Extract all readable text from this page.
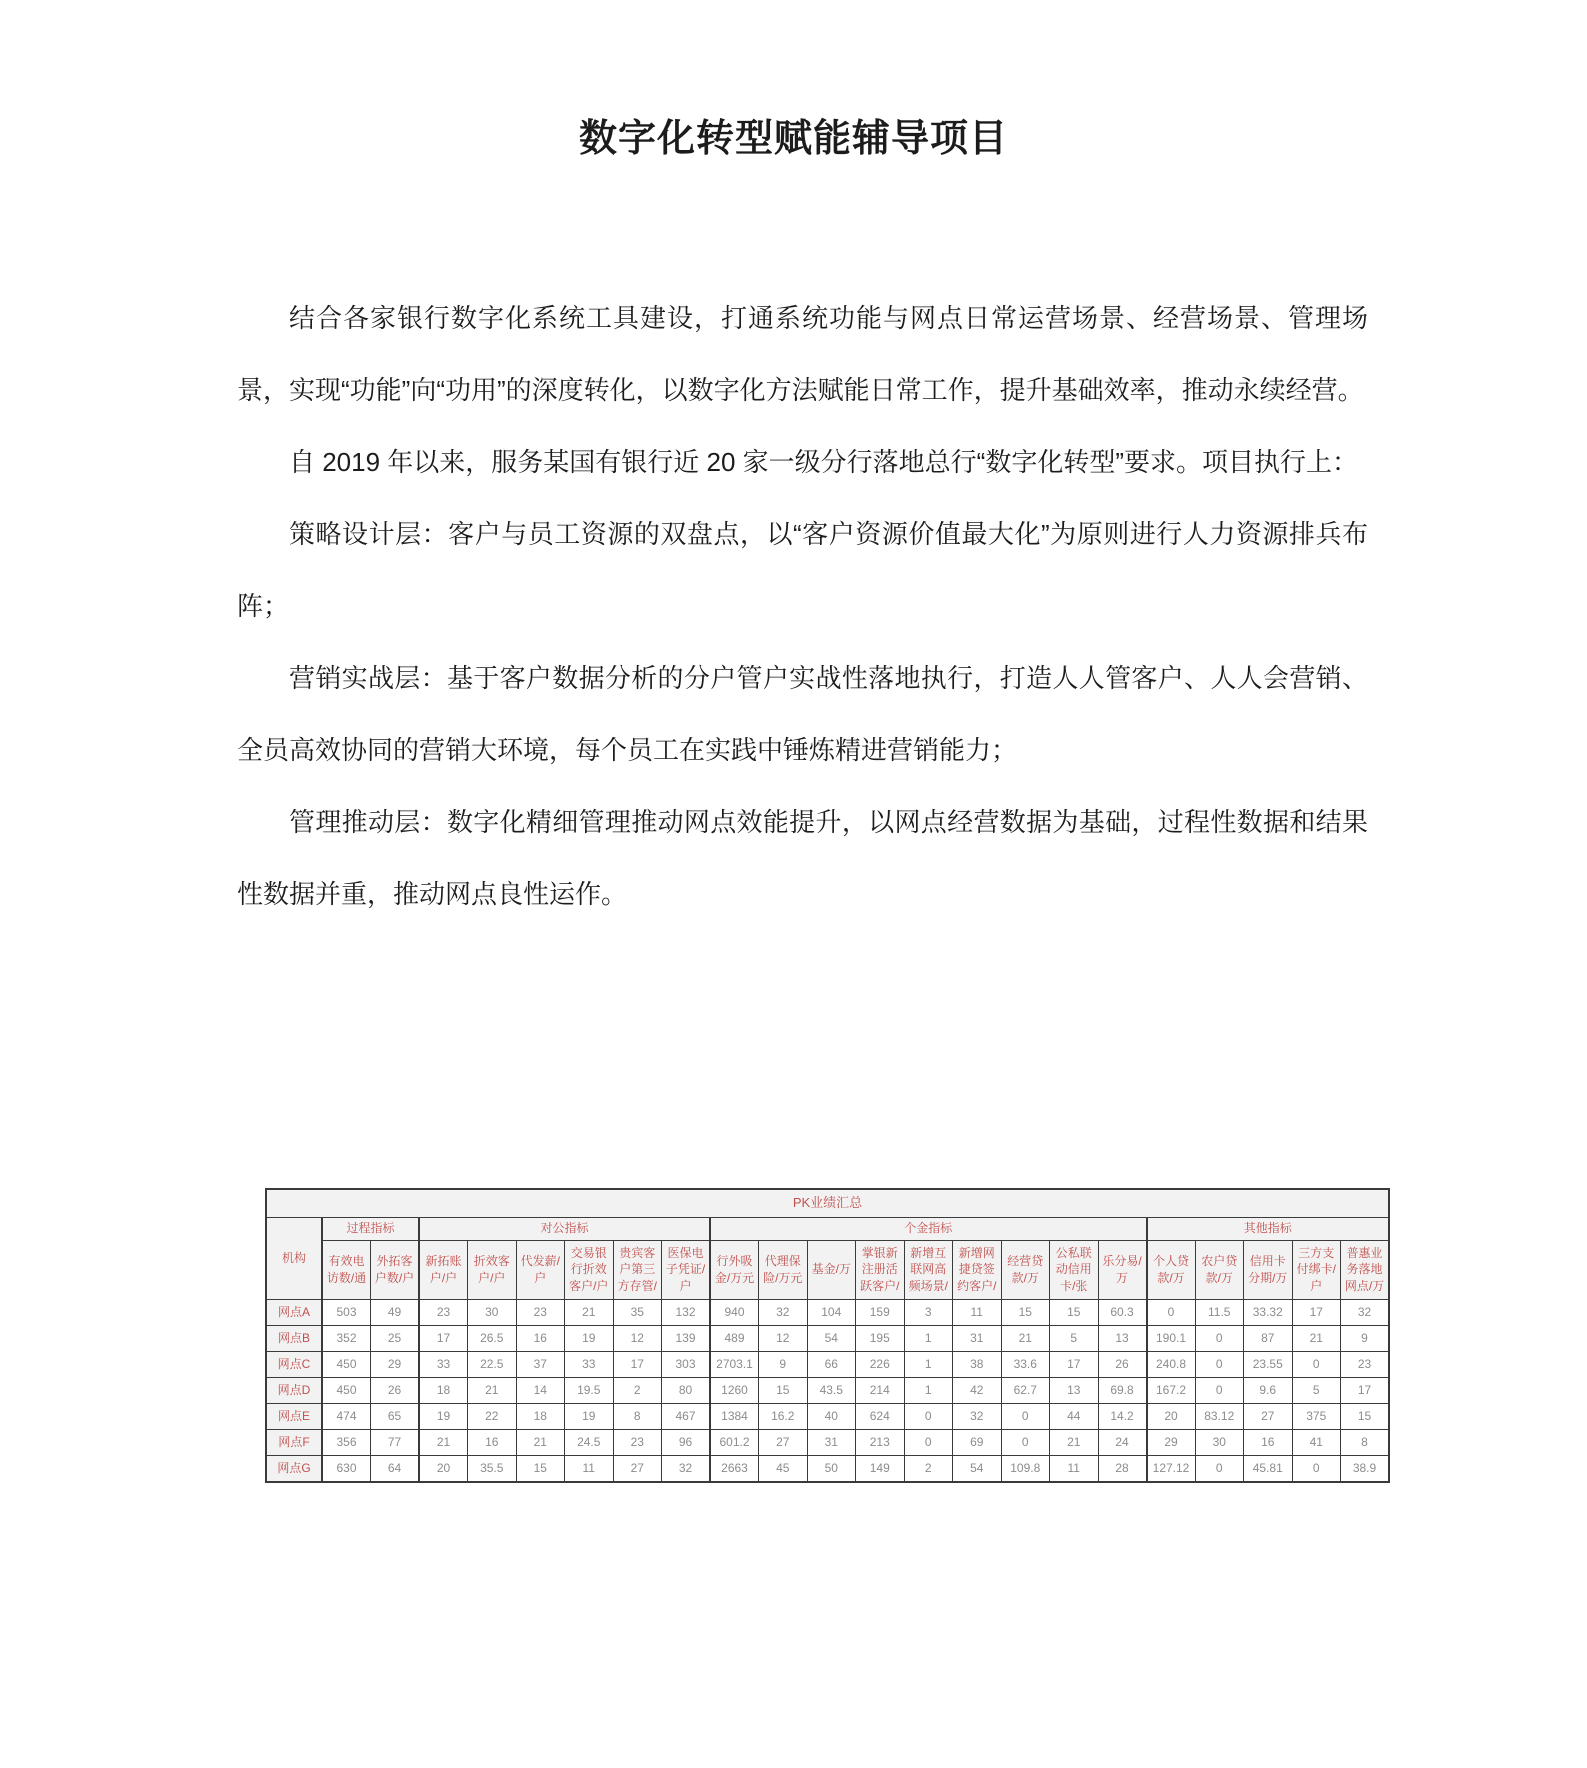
数字化转型赋能辅导项目

结合各家银行数字化系统工具建设，打通系统功能与网点日常运营场景、经营场景、管理场景，实现“功能”向“功用”的深度转化，以数字化方法赋能日常工作，提升基础效率，推动永续经营。

自 2019 年以来，服务某国有银行近 20 家一级分行落地总行“数字化转型”要求。项目执行上：

策略设计层：客户与员工资源的双盘点，以“客户资源价值最大化”为原则进行人力资源排兵布阵；

营销实战层：基于客户数据分析的分户管户实战性落地执行，打造人人管客户、人人会营销、全员高效协同的营销大环境，每个员工在实践中锤炼精进营销能力；

管理推动层：数字化精细管理推动网点效能提升，以网点经营数据为基础，过程性数据和结果性数据并重，推动网点良性运作。

PK业绩汇总																						
机构	过程指标		对公指标						个金指标									其他指标				
	有效电访数/通	外拓客户数/户	新拓账户/户	折效客户/户	代发薪/户	交易银行折效客户/户	贵宾客户第三方存管/	医保电子凭证/户	行外吸金/万元	代理保险/万元	基金/万	掌银新注册活跃客户/	新增互联网高频场景/	新增网捷贷签约客户/	经营贷款/万	公私联动信用卡/张	乐分易/万	个人贷款/万	农户贷款/万	信用卡分期/万	三方支付绑卡/户	普惠业务落地网点/万
网点A	503	49	23	30	23	21	35	132	940	32	104	159	3	11	15	15	60.3	0	11.5	33.32	17	32
网点B	352	25	17	26.5	16	19	12	139	489	12	54	195	1	31	21	5	13	190.1	0	87	21	9
网点C	450	29	33	22.5	37	33	17	303	2703.1	9	66	226	1	38	33.6	17	26	240.8	0	23.55	0	23
网点D	450	26	18	21	14	19.5	2	80	1260	15	43.5	214	1	42	62.7	13	69.8	167.2	0	9.6	5	17
网点E	474	65	19	22	18	19	8	467	1384	16.2	40	624	0	32	0	44	14.2	20	83.12	27	375	15
网点F	356	77	21	16	21	24.5	23	96	601.2	27	31	213	0	69	0	21	24	29	30	16	41	8
网点G	630	64	20	35.5	15	11	27	32	2663	45	50	149	2	54	109.8	11	28	127.12	0	45.81	0	38.9
